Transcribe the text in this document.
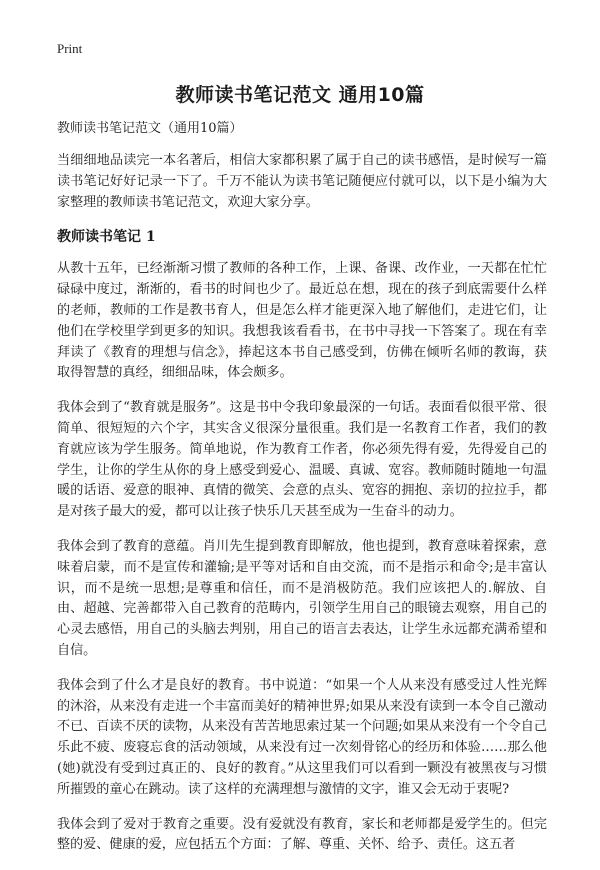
Print
教师读书笔记范文 通用10篇

教师读书笔记范文（通用10篇）

当细细地品读完一本名著后，相信大家都积累了属于自己的读书感悟，是时候写一篇读书笔记好好记录一下了。千万不能认为读书笔记随便应付就可以，以下是小编为大家整理的教师读书笔记范文，欢迎大家分享。

教师读书笔记 1

从教十五年，已经渐渐习惯了教师的各种工作，上课、备课、改作业，一天都在忙忙碌碌中度过，渐渐的，看书的时间也少了。最近总在想，现在的孩子到底需要什么样的老师，教师的工作是教书育人，但是怎么样才能更深入地了解他们，走进它们，让他们在学校里学到更多的知识。我想我该看看书，在书中寻找一下答案了。现在有幸拜读了《教育的理想与信念》，捧起这本书自己感受到，仿佛在倾听名师的教诲，获取得智慧的真经，细细品味，体会颇多。

我体会到了“教育就是服务”。这是书中令我印象最深的一句话。表面看似很平常、很简单、很短短的六个字，其实含义很深分量很重。我们是一名教育工作者，我们的教育就应该为学生服务。简单地说，作为教育工作者，你必须先得有爱，先得爱自己的学生，让你的学生从你的身上感受到爱心、温暖、真诚、宽容。教师随时随地一句温暖的话语、爱意的眼神、真情的微笑、会意的点头、宽容的拥抱、亲切的拉拉手，都是对孩子最大的爱，都可以让孩子快乐几天甚至成为一生奋斗的动力。

我体会到了教育的意蕴。肖川先生提到教育即解放，他也提到，教育意味着探索，意味着启蒙，而不是宣传和灌输;是平等对话和自由交流，而不是指示和命令;是丰富认识，而不是统一思想;是尊重和信任，而不是消极防范。我们应该把人的.解放、自由、超越、完善都带入自己教育的范畴内，引领学生用自己的眼镜去观察，用自己的心灵去感悟，用自己的头脑去判别，用自己的语言去表达，让学生永远都充满希望和自信。

我体会到了什么才是良好的教育。书中说道：“如果一个人从来没有感受过人性光辉的沐浴，从来没有走进一个丰富而美好的精神世界;如果从来没有读到一本令自己激动不已、百读不厌的读物，从来没有苦苦地思索过某一个问题;如果从来没有一个令自己乐此不疲、废寝忘食的活动领域，从来没有过一次刻骨铭心的经历和体验……那么他(她)就没有受到过真正的、良好的教育。”从这里我们可以看到一颗没有被黑夜与习惯所摧毁的童心在跳动。读了这样的充满理想与激情的文字，谁又会无动于衷呢?

我体会到了爱对于教育之重要。没有爱就没有教育，家长和老师都是爱学生的。但完整的爱、健康的爱，应包括五个方面：了解、尊重、关怀、给予、责任。这五者
